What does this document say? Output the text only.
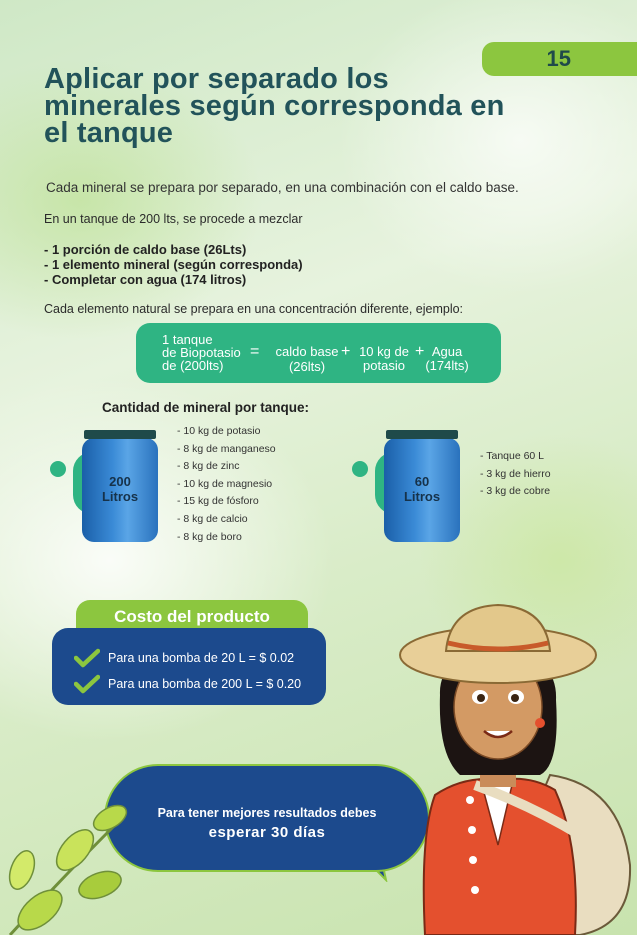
15
Aplicar por separado los minerales según corresponda en el tanque
Cada mineral se prepara por separado, en una combinación con el caldo base.
En un tanque de 200 lts, se procede a mezclar
- 1 porción de caldo base (26Lts)
- 1 elemento mineral (según corresponda)
- Completar con agua (174 litros)
Cada elemento natural se prepara en una concentración diferente, ejemplo:
1 tanque
de Biopotasio
de (200lts)
= caldo base
(26lts)
+ 10 kg de
potasio
+ Agua
(174lts)
Cantidad de mineral por tanque:
200
Litros
- 10 kg de potasio
- 8 kg de manganeso
- 8 kg de zinc
- 10 kg de magnesio
- 15 kg de fósforo
- 8 kg de calcio
- 8 kg de boro
60
Litros
- Tanque 60 L
- 3 kg de hierro
- 3 kg de cobre
Costo del producto
Para una bomba de 20 L = $ 0.02
Para una bomba de 200 L = $ 0.20
Para tener mejores resultados debes
esperar 30 días
